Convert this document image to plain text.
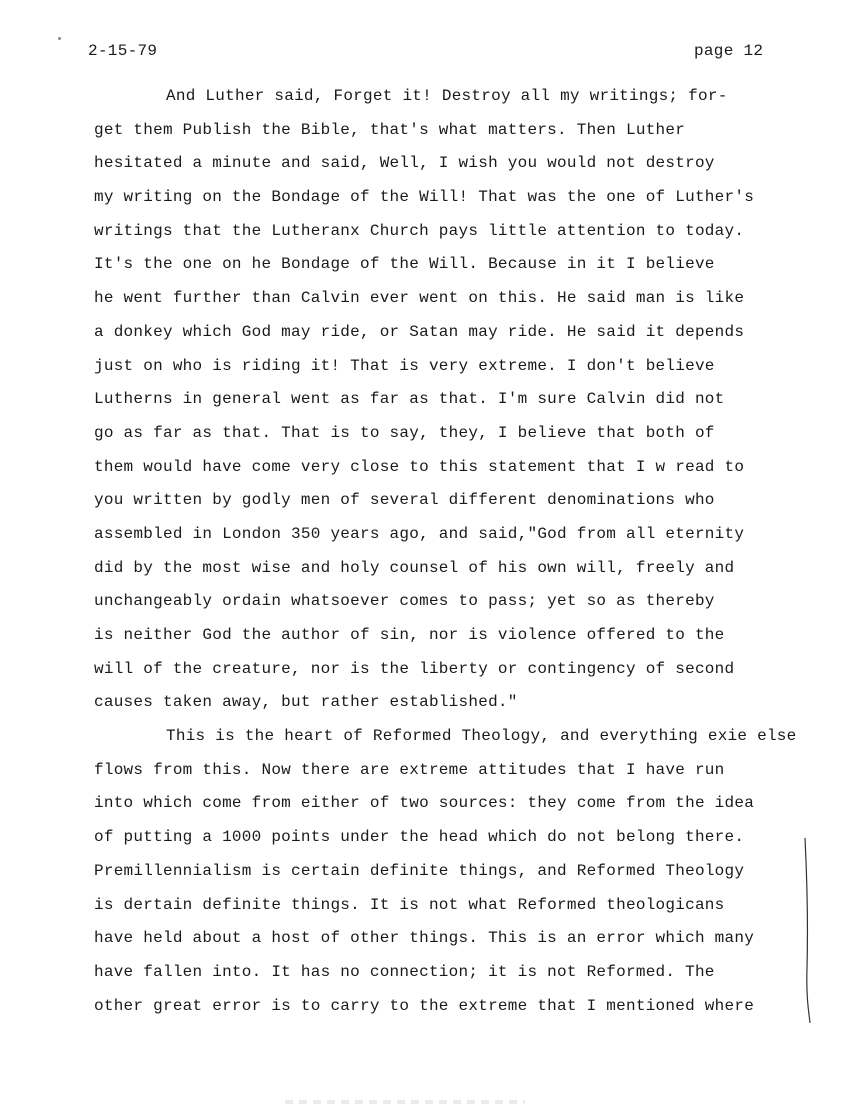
2-15-79	page 12
And Luther said, Forget it! Destroy all my writings; for-
get them Publish the Bible, that's what matters. Then Luther
hesitated a minute and said, Well, I wish you would not destroy
my writing on the Bondage of the Will! That was the one of Luther's
writings that the Lutheranx Church pays little attention to today.
It's the one on he Bondage of the Will. Because in it I believe
he went further than Calvin ever went on this. He said man is like
a donkey which God may ride, or Satan may ride. He said it depends
just on who is riding it! That is very extreme. I don't believe
Lutherns in general went as far as that. I'm sure Calvin did not
go as far as that. That is to say, they, I believe that both of
them would have come very close to this statement that I w read to
you written by godly men of several different denominations who
assembled in London 350 years ago, and said,"God from all eternity
did by the most wise and holy counsel of his own will, freely and
unchangeably ordain whatsoever comes to pass; yet so as thereby
is neither God the author of sin, nor is violence offered to the
will of the creature, nor is the liberty or contingency of second
causes taken away, but rather established."
This is the heart of Reformed Theology, and everything exie else
flows from this. Now there are extreme attitudes that I have run
into which come from either of two sources: they come from the idea
of putting a 1000 points under the head which do not belong there.
Premillennialism is certain definite things, and Reformed Theology
is dertain definite things. It is not what Reformed theologicans
have held about a host of other things. This is an error which many
have fallen into. It has no connection; it is not Reformed. The
other great error is to carry to the extreme that I mentioned where
